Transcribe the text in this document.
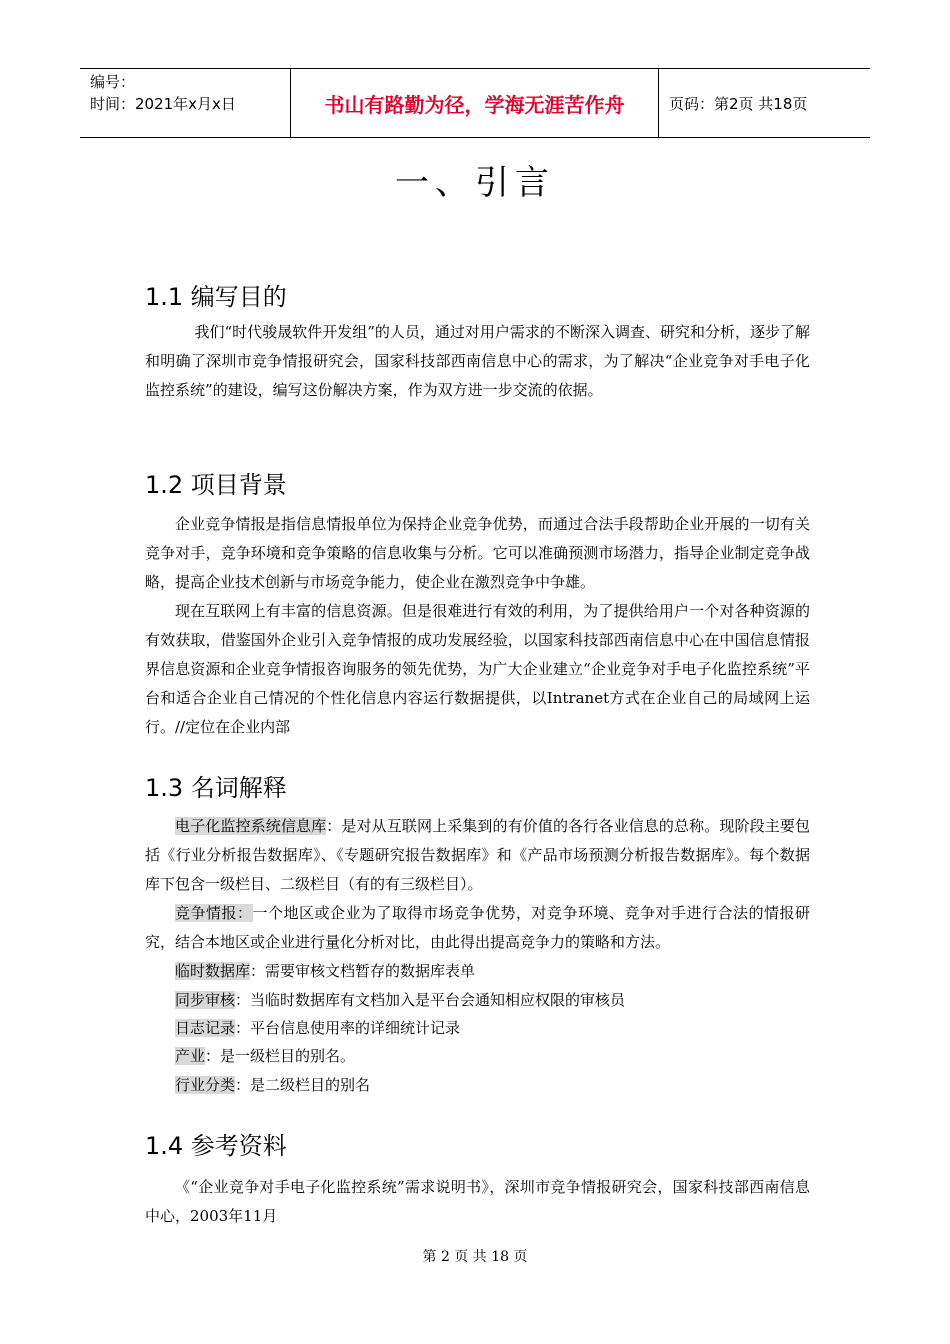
编号：
时间：2021年x月x日	书山有路勤为径，学海无涯苦作舟	页码：第2页 共18页
一、引言
1.1 编写目的

我们“时代骏晟软件开发组”的人员，通过对用户需求的不断深入调查、研究和分析，逐步了解和明确了深圳市竞争情报研究会，国家科技部西南信息中心的需求，为了解决“企业竞争对手电子化监控系统”的建设，编写这份解决方案，作为双方进一步交流的依据。

1.2 项目背景

企业竞争情报是指信息情报单位为保持企业竞争优势，而通过合法手段帮助企业开展的一切有关竞争对手，竞争环境和竞争策略的信息收集与分析。它可以准确预测市场潜力，指导企业制定竞争战略，提高企业技术创新与市场竞争能力，使企业在激烈竞争中争雄。

现在互联网上有丰富的信息资源。但是很难进行有效的利用，为了提供给用户一个对各种资源的有效获取，借鉴国外企业引入竞争情报的成功发展经验，以国家科技部西南信息中心在中国信息情报界信息资源和企业竞争情报咨询服务的领先优势，为广大企业建立“企业竞争对手电子化监控系统”平台和适合企业自己情况的个性化信息内容运行数据提供，以Intranet方式在企业自己的局域网上运行。//定位在企业内部

1.3 名词解释
电子化监控系统信息库：是对从互联网上采集到的有价值的各行各业信息的总称。现阶段主要包括《行业分析报告数据库》、《专题研究报告数据库》和《产品市场预测分析报告数据库》。每个数据库下包含一级栏目、二级栏目（有的有三级栏目）。
竞争情报：一个地区或企业为了取得市场竞争优势，对竞争环境、竞争对手进行合法的情报研究，结合本地区或企业进行量化分析对比，由此得出提高竞争力的策略和方法。
临时数据库：需要审核文档暂存的数据库表单
同步审核：当临时数据库有文档加入是平台会通知相应权限的审核员
日志记录：平台信息使用率的详细统计记录
产业：是一级栏目的别名。
行业分类：是二级栏目的别名
1.4 参考资料

《“企业竞争对手电子化监控系统”需求说明书》，深圳市竞争情报研究会，国家科技部西南信息中心，2003年11月

第 2 页 共 18 页
